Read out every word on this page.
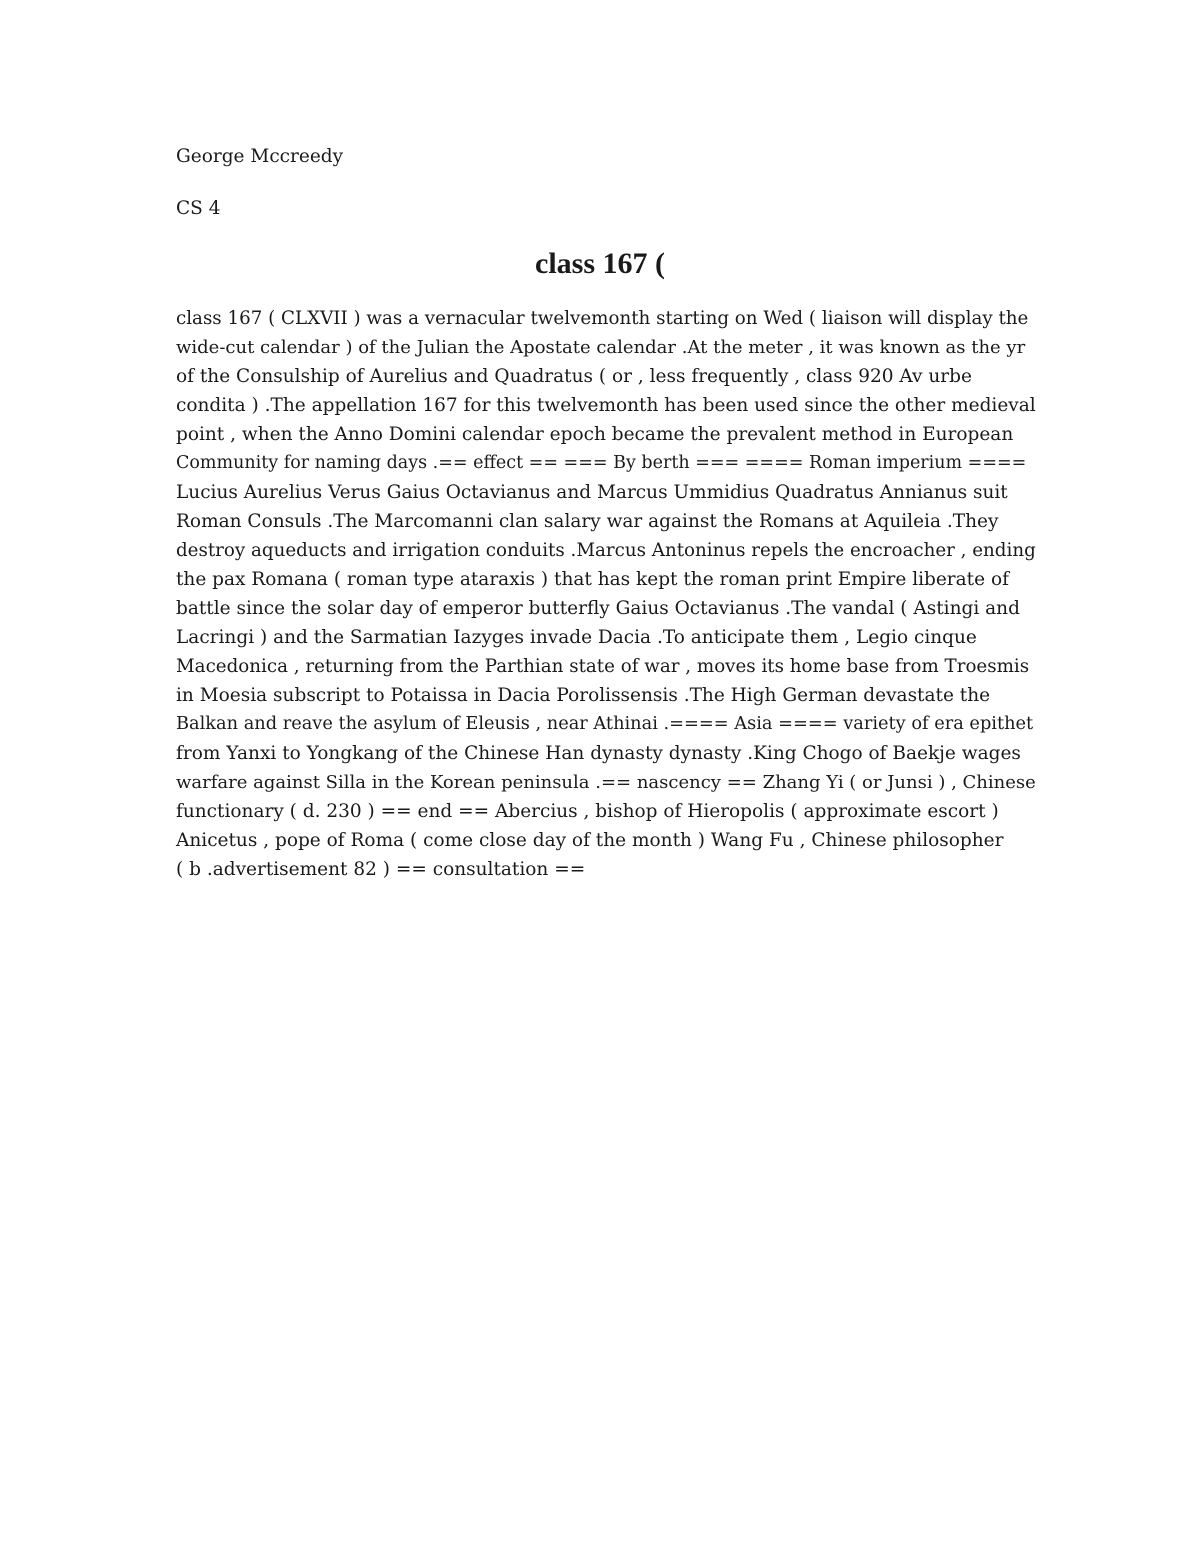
George Mccreedy
CS 4
class 167 (
class 167 ( CLXVII ) was a vernacular twelvemonth starting on Wed ( liaison will display the
wide-cut calendar ) of the Julian the Apostate calendar .At the meter , it was known as the yr
of the Consulship of Aurelius and Quadratus ( or , less frequently , class 920 Av urbe
condita ) .The appellation 167 for this twelvemonth has been used since the other medieval
point , when the Anno Domini calendar epoch became the prevalent method in European
Community for naming days .== effect == === By berth === ==== Roman imperium ====
Lucius Aurelius Verus Gaius Octavianus and Marcus Ummidius Quadratus Annianus suit
Roman Consuls .The Marcomanni clan salary war against the Romans at Aquileia .They
destroy aqueducts and irrigation conduits .Marcus Antoninus repels the encroacher , ending
the pax Romana ( roman type ataraxis ) that has kept the roman print Empire liberate of
battle since the solar day of emperor butterfly Gaius Octavianus .The vandal ( Astingi and
Lacringi ) and the Sarmatian Iazyges invade Dacia .To anticipate them , Legio cinque
Macedonica , returning from the Parthian state of war , moves its home base from Troesmis
in Moesia subscript to Potaissa in Dacia Porolissensis .The High German devastate the
Balkan and reave the asylum of Eleusis , near Athinai .==== Asia ==== variety of era epithet
from Yanxi to Yongkang of the Chinese Han dynasty dynasty .King Chogo of Baekje wages
warfare against Silla in the Korean peninsula .== nascency == Zhang Yi ( or Junsi ) , Chinese
functionary ( d. 230 ) == end == Abercius , bishop of Hieropolis ( approximate escort )
Anicetus , pope of Roma ( come close day of the month ) Wang Fu , Chinese philosopher
( b .advertisement 82 ) == consultation ==
